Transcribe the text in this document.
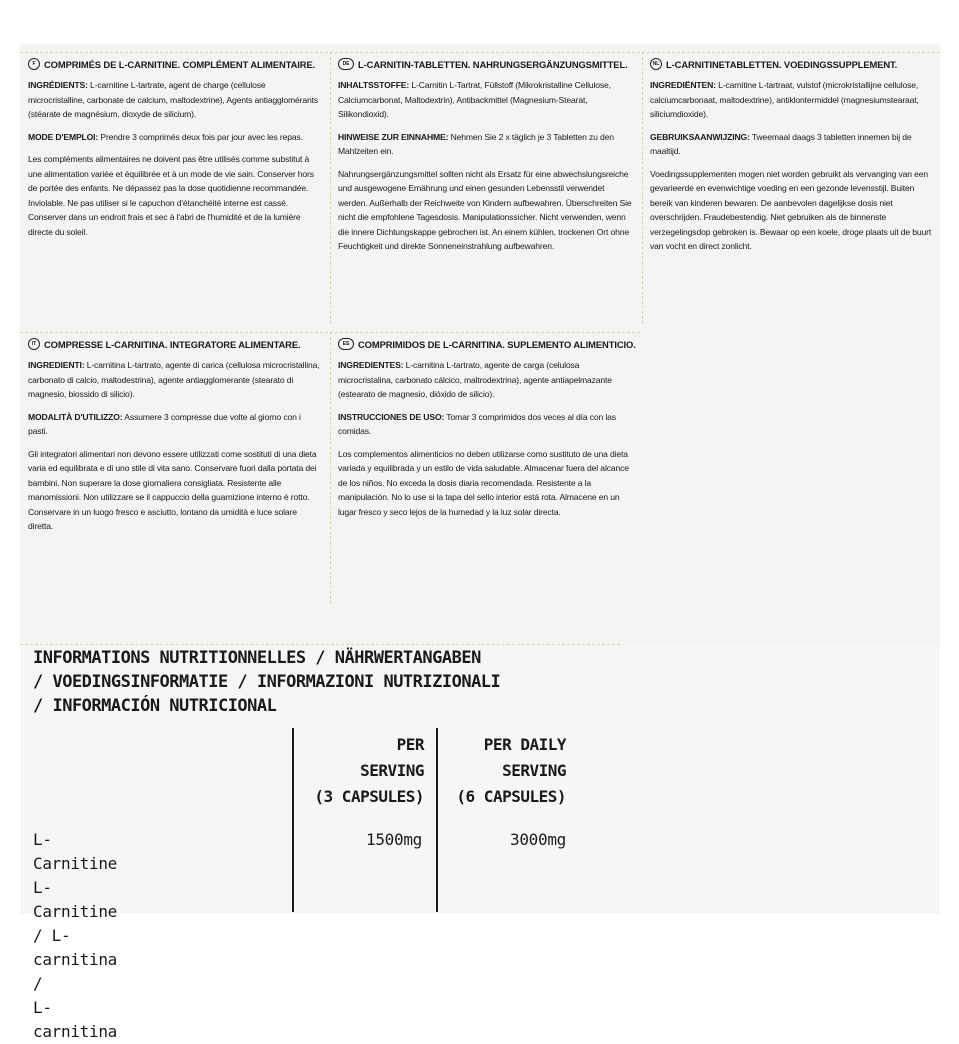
F COMPRIMÉS DE L-CARNITINE. COMPLÉMENT ALIMENTAIRE.

INGRÉDIENTS: L-carnitine L-tartrate, agent de charge (cellulose microcristalline, carbonate de calcium, maltodextrine), Agents antiagglomérants (stéarate de magnésium, dioxyde de silicium).

MODE D'EMPLOI: Prendre 3 comprimés deux fois par jour avec les repas.

Les compléments alimentaires ne doivent pas être utilisés comme substitut à une alimentation variée et équilibrée et à un mode de vie sain. Conserver hors de portée des enfants. Ne dépassez pas la dose quotidienne recommandée. Inviolable. Ne pas utiliser si le capuchon d'étanchéité interne est cassé. Conserver dans un endroit frais et sec à l'abri de l'humidité et de la lumière directe du soleil.

DE L-CARNITIN-TABLETTEN. NAHRUNGSERGÄNZUNGSMITTEL.

INHALTSSTOFFE: L-Carnitin L-Tartrat, Füllstoff (Mikrokristalline Cellulose, Calciumcarbonat, Maltodextrin), Antibackmittel (Magnesium-Stearat, Silikondioxid).

HINWEISE ZUR EINNAHME: Nehmen Sie 2 x täglich je 3 Tabletten zu den Mahlzeiten ein.

Nahrungsergänzungsmittel sollten nicht als Ersatz für eine abwechslungsreiche und ausgewogene Ernährung und einen gesunden Lebensstil verwendet werden. Außerhalb der Reichweite von Kindern aufbewahren. Überschreiten Sie nicht die empfohlene Tagesdosis. Manipulationssicher. Nicht verwenden, wenn die innere Dichtungskappe gebrochen ist. An einem kühlen, trockenen Ort ohne Feuchtigkeit und direkte Sonneneinstrahlung aufbewahren.

NL L-CARNITINETABLETTEN. VOEDINGSSUPPLEMENT.

INGREDIËNTEN: L-carnitine L-tartraat, vulstof (microkristallijne cellulose, calciumcarbonaat, maltodextrine), antiklontermiddel (magnesiumstearaat, siliciumdioxide).

GEBRUIKSAANWIJZING: Tweemaal daags 3 tabletten innemen bij de maaltijd.

Voedingssupplementen mogen niet worden gebruikt als vervanging van een gevarieerde en evenwichtige voeding en een gezonde levensstijl. Buiten bereik van kinderen bewaren. De aanbevolen dagelijkse dosis niet overschrijden. Fraudebestendig. Niet gebruiken als de binnenste verzegelingsdop gebroken is. Bewaar op een koele, droge plaats uit de buurt van vocht en direct zonlicht.

IT COMPRESSE L-CARNITINA. INTEGRATORE ALIMENTARE.

INGREDIENTI: L-carnitina L-tartrato, agente di carica (cellulosa microcristallina, carbonato di calcio, maltodestrina), agente antiagglomerante (stearato di magnesio, biossido di silicio).

MODALITÀ D'UTILIZZO: Assumere 3 compresse due volte al giorno con i pasti.

Gli integratori alimentari non devono essere utilizzati come sostituti di una dieta varia ed equilibrata e di uno stile di vita sano. Conservare fuori dalla portata dei bambini. Non superare la dose giornaliera consigliata. Resistente alle manomissioni. Non utilizzare se il cappuccio della guarnizione interno è rotto. Conservare in un luogo fresco e asciutto, lontano da umidità e luce solare diretta.

ES COMPRIMIDOS DE L-CARNITINA. SUPLEMENTO ALIMENTICIO.

INGREDIENTES: L-carnitina L-tartrato, agente de carga (celulosa microcristalina, carbonato cálcico, maltrodextrina), agente antiapelmazante (estearato de magnesio, dióxido de silicio).

INSTRUCCIONES DE USO: Tomar 3 comprimidos dos veces al día con las comidas.

Los complementos alimenticios no deben utilizarse como sustituto de una dieta variada y equilibrada y un estilo de vida saludable. Almacenar fuera del alcance de los niños. No exceda la dosis diaria recomendada. Resistente a la manipulación. No lo use si la tapa del sello interior está rota. Almacene en un lugar fresco y seco lejos de la humedad y la luz solar directa.

INFORMATIONS NUTRITIONNELLES / NÄHRWERTANGABEN
/ VOEDINGSINFORMATIE / INFORMAZIONI NUTRIZIONALI
/ INFORMACIÓN NUTRICIONAL
PER
SERVING
(3 CAPSULES)
PER DAILY
SERVING
(6 CAPSULES)
L-Carnitine
L-Carnitine / L-carnitina /
L-carnitina
1500mg	3000mg
